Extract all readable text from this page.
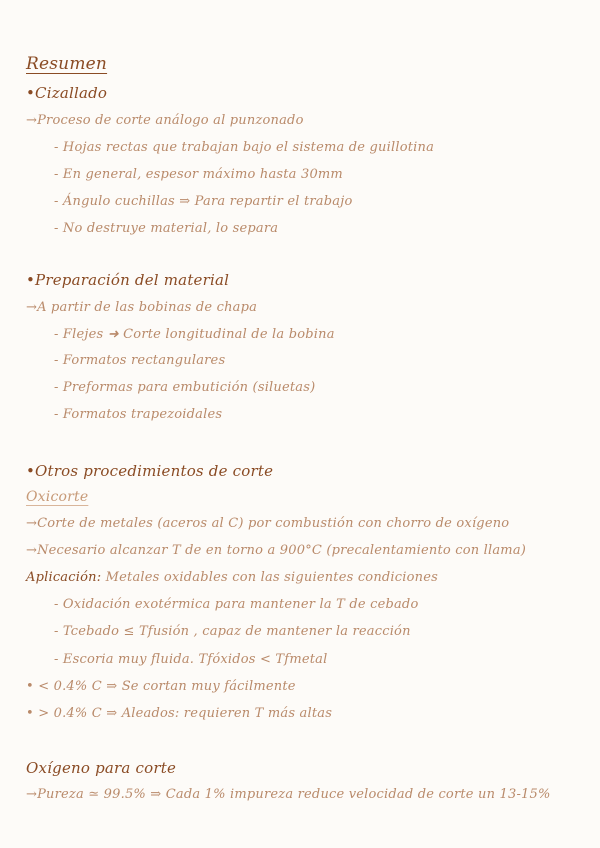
Resumen
•Cizallado
→Proceso de corte análogo al punzonado
- Hojas rectas que trabajan bajo el sistema de guillotina
- En general, espesor máximo hasta 30mm
- Ángulo cuchillas ⇒ Para repartir el trabajo
- No destruye material, lo separa
•Preparación del material
→A partir de las bobinas de chapa
- Flejes ➜ Corte longitudinal de la bobina
- Formatos rectangulares
- Preformas para embutición (siluetas)
- Formatos trapezoidales
•Otros procedimientos de corte
Oxicorte
→Corte de metales (aceros al C) por combustión con chorro de oxígeno
→Necesario alcanzar T de en torno a 900°C (precalentamiento con llama)
Aplicación: Metales oxidables con las siguientes condiciones
- Oxidación exotérmica para mantener la T de cebado
- Tcebado ≤ Tfusión , capaz de mantener la reacción
- Escoria muy fluida. Tfóxidos < Tfmetal
• < 0.4% C ⇒ Se cortan muy fácilmente
• > 0.4% C ⇒ Aleados: requieren T más altas
Oxígeno para corte
→Pureza ≃ 99.5% ⇒ Cada 1% impureza reduce velocidad de corte un 13-15%
